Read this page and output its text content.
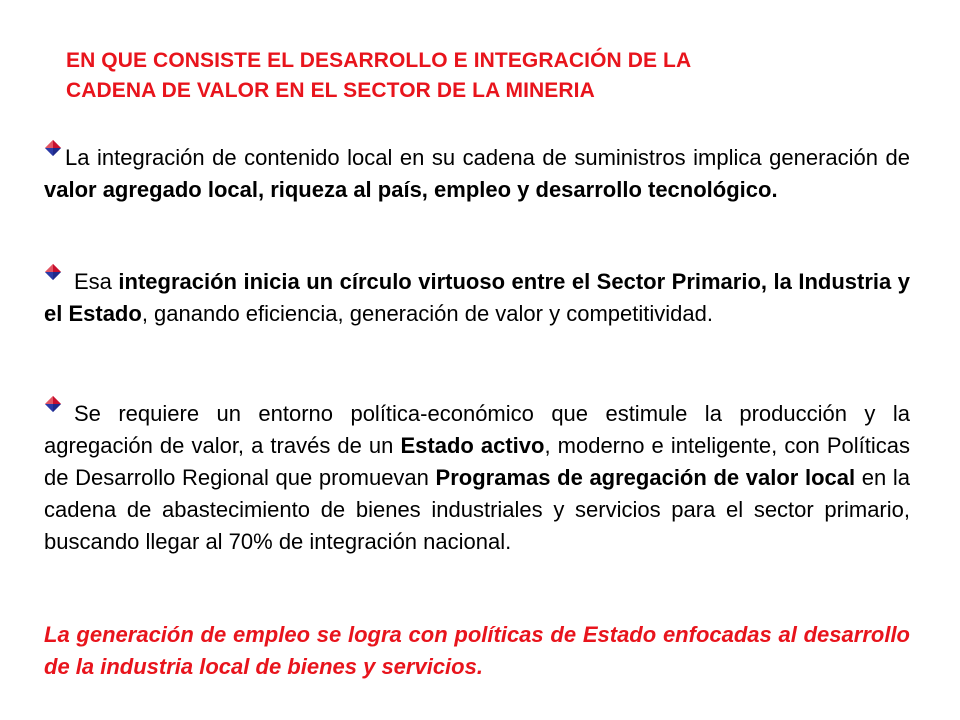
EN QUE CONSISTE EL DESARROLLO E INTEGRACIÓN DE LA
CADENA DE VALOR EN EL SECTOR DE LA MINERIA

La integración de contenido local en su cadena de suministros implica generación de valor agregado local, riqueza al país, empleo y desarrollo tecnológico.

Esa integración inicia un círculo virtuoso entre el Sector Primario, la Industria y el Estado, ganando eficiencia, generación de valor y competitividad.

Se requiere un entorno política-económico que estimule la producción y la agregación de valor, a través de un Estado activo, moderno e inteligente, con Políticas de Desarrollo Regional que promuevan Programas de agregación de valor local en la cadena de abastecimiento de bienes industriales y servicios para el sector primario, buscando llegar al 70% de integración nacional.

La generación de empleo se logra con políticas de Estado enfocadas al desarrollo de la industria local de bienes y servicios.
